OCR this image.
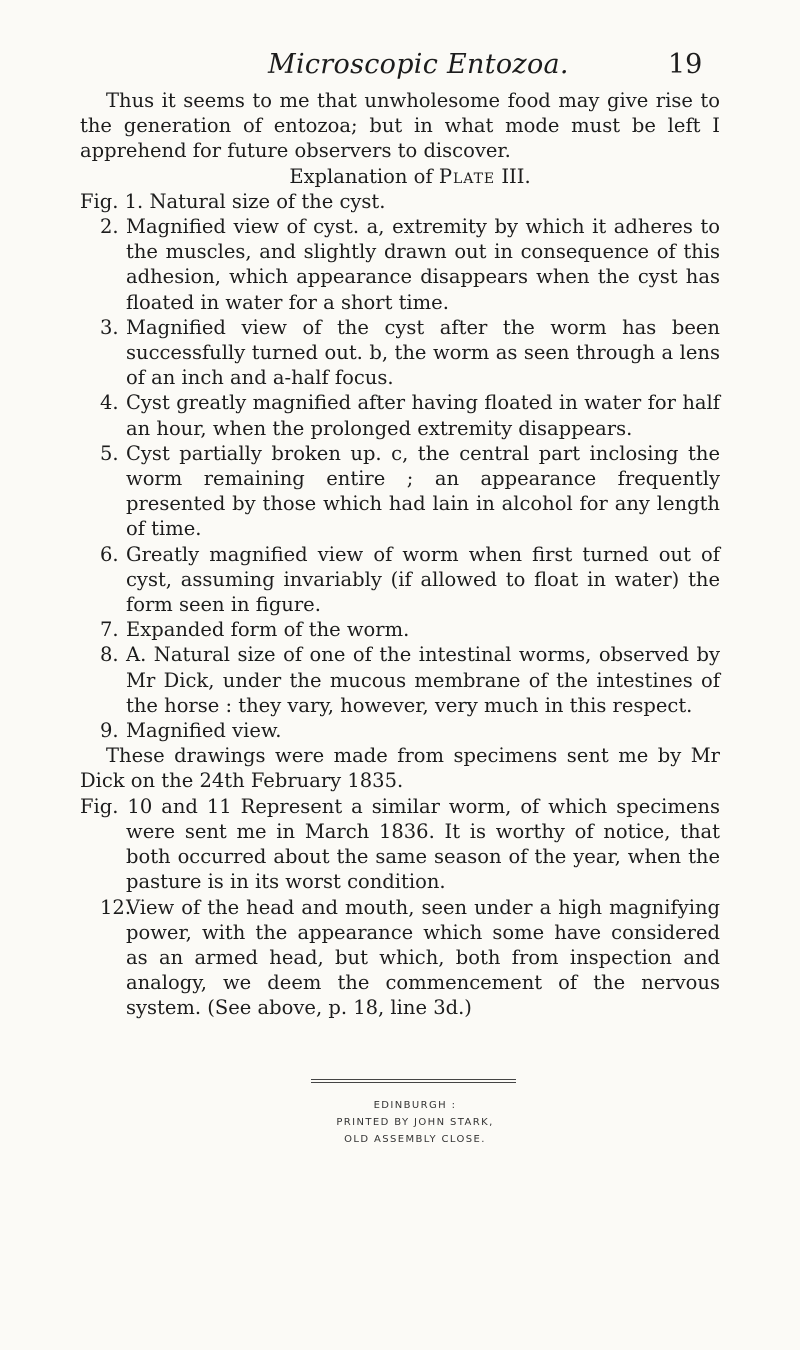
Microscopic Entozoa.	19

Thus it seems to me that unwholesome food may give rise to the generation of entozoa; but in what mode must be left I apprehend for future observers to discover.

Explanation of Plate III.

Fig. 1. Natural size of the cyst.

2. Magnified view of cyst. a, extremity by which it adheres to the muscles, and slightly drawn out in consequence of this adhesion, which appearance disappears when the cyst has floated in water for a short time.

3. Magnified view of the cyst after the worm has been successfully turned out. b, the worm as seen through a lens of an inch and a-half focus.

4. Cyst greatly magnified after having floated in water for half an hour, when the prolonged extremity disappears.

5. Cyst partially broken up. c, the central part inclosing the worm remaining entire ; an appearance frequently presented by those which had lain in alcohol for any length of time.

6. Greatly magnified view of worm when first turned out of cyst, assuming invariably (if allowed to float in water) the form seen in figure.

7. Expanded form of the worm.

8. A. Natural size of one of the intestinal worms, observed by Mr Dick, under the mucous membrane of the intestines of the horse : they vary, however, very much in this respect.

9. Magnified view.

These drawings were made from specimens sent me by Mr Dick on the 24th February 1835.

Fig. 10 and 11 Represent a similar worm, of which specimens were sent me in March 1836. It is worthy of notice, that both occurred about the same season of the year, when the pasture is in its worst condition.

12.View of the head and mouth, seen under a high magnifying power, with the appearance which some have considered as an armed head, but which, both from inspection and analogy, we deem the commencement of the nervous system. (See above, p. 18, line 3d.)

EDINBURGH :
PRINTED BY JOHN STARK,
OLD ASSEMBLY CLOSE.
